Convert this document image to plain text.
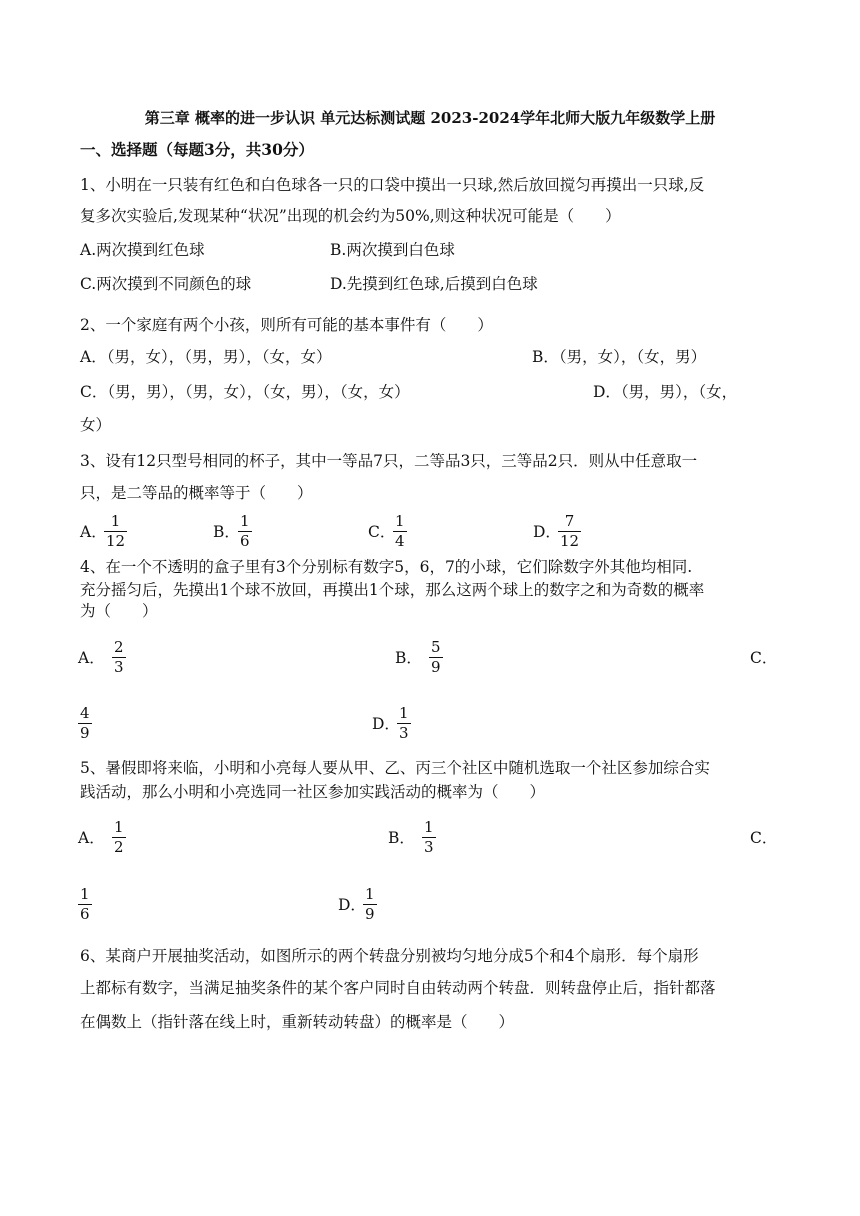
第三章 概率的进一步认识 单元达标测试题 2023-2024学年北师大版九年级数学上册
一、选择题（每题3分，共30分）
1、小明在一只装有红色和白色球各一只的口袋中摸出一只球,然后放回搅匀再摸出一只球,反
复多次实验后,发现某种“状况”出现的机会约为50%,则这种状况可能是（　　）
A.两次摸到红色球	B.两次摸到白色球
C.两次摸到不同颜色的球	D.先摸到红色球,后摸到白色球
2、一个家庭有两个小孩，则所有可能的基本事件有（　　）
A．（男，女），（男，男），（女，女）	B．（男，女），（女，男）
C．（男，男），（男，女），（女，男），（女，女）	D．（男，男），（女，
女）
3、设有12只型号相同的杯子，其中一等品7只，二等品3只，三等品2只．则从中任意取一
只，是二等品的概率等于（　　）
A．
1
12	B．
1
6	C．
1
4	D．
7
12
4、在一个不透明的盒子里有3个分别标有数字5，6，7的小球，它们除数字外其他均相同.
充分摇匀后，先摸出1个球不放回，再摸出1个球，那么这两个球上的数字之和为奇数的概率
为（　　）
A．
2
3	B．
5
9	C．
4
9	D．
1
3
5、暑假即将来临，小明和小亮每人要从甲、乙、丙三个社区中随机选取一个社区参加综合实
践活动，那么小明和小亮选同一社区参加实践活动的概率为（　　）
A．
1
2	B．
1
3	C．
1
6	D．
1
9
6、某商户开展抽奖活动，如图所示的两个转盘分别被均匀地分成5个和4个扇形．每个扇形
上都标有数字，当满足抽奖条件的某个客户同时自由转动两个转盘．则转盘停止后，指针都落
在偶数上（指针落在线上时，重新转动转盘）的概率是（　　）
